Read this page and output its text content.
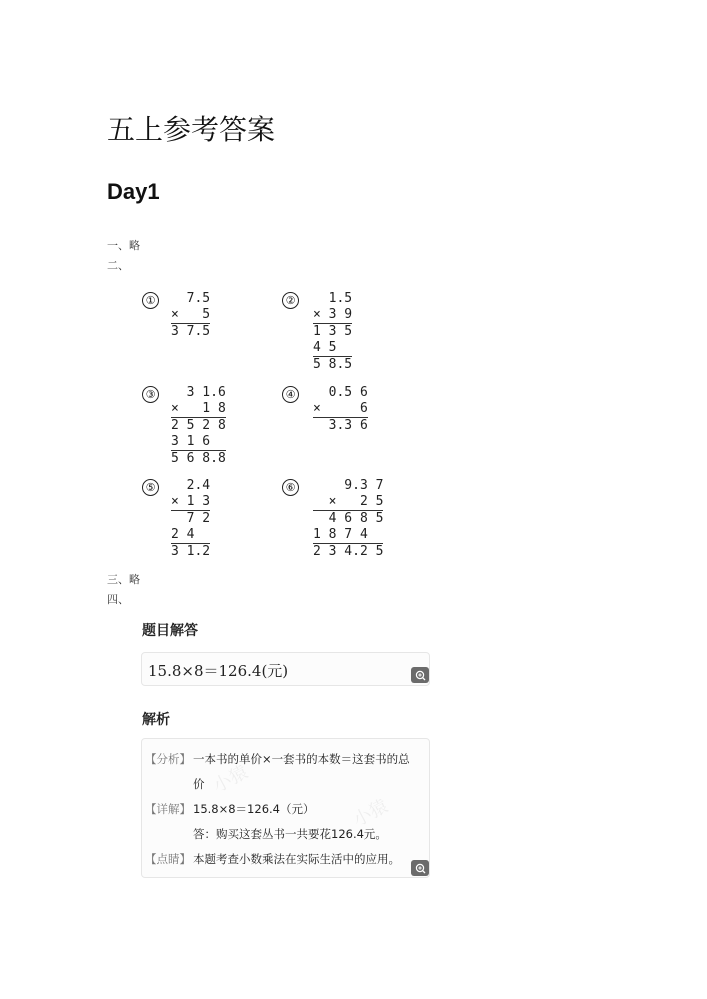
五上参考答案
Day1
一、略
二、
① 7.5
×   5
3 7.5
② 1.5
× 3 9
1 3 5
4 5
5 8.5
③ 3 1.6
×   1 8
2 5 2 8
3 1 6
5 6 8.8
④ 0.5 6
×     6
3.3 6
⑤ 2.4
× 1 3
7 2
2 4
3 1.2
⑥ 9.3 7
×   2 5
4 6 8 5
1 8 7 4
2 3 4.2 5
三、略
四、
题目解答
15.8×8＝126.4(元)
解析
小猿
小猿
【分析】 一本书的单价×一套书的本数＝这套书的总
价
【详解】 15.8×8＝126.4（元）
答：购买这套丛书一共要花126.4元。
【点睛】 本题考查小数乘法在实际生活中的应用。
